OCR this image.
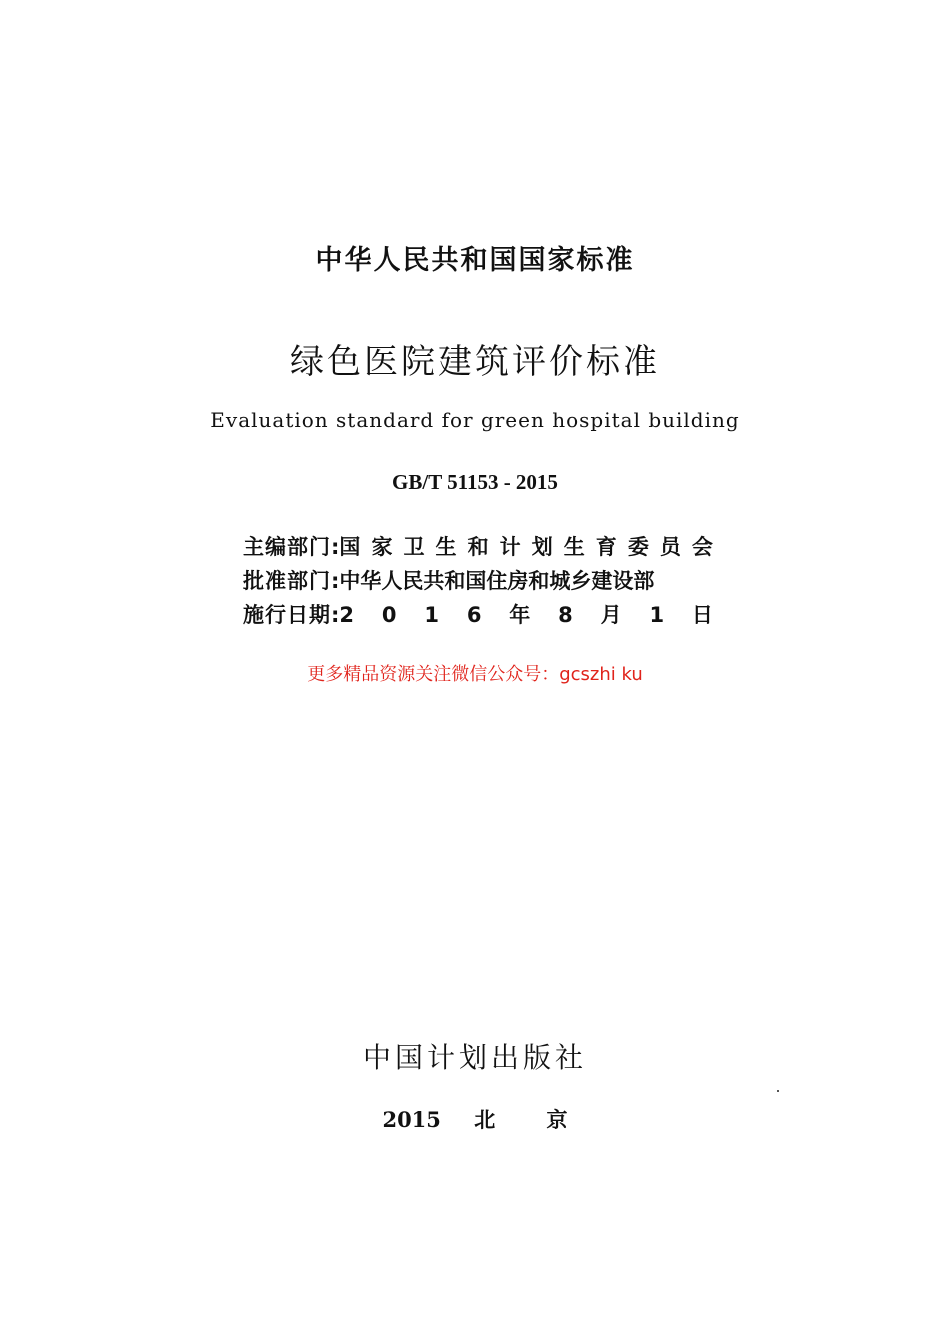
中华人民共和国国家标准
绿色医院建筑评价标准
Evaluation standard for green hospital building
GB/T 51153 - 2015
主编部门 : 国 家 卫 生 和 计 划 生 育 委 员 会
批准部门 : 中华人民共和国住房和城乡建设部
施行日期 : 2 0 1 6 年 8 月 1 日
更多精品资源关注微信公众号：gcszhi ku
中国计划出版社
2015 北 京
